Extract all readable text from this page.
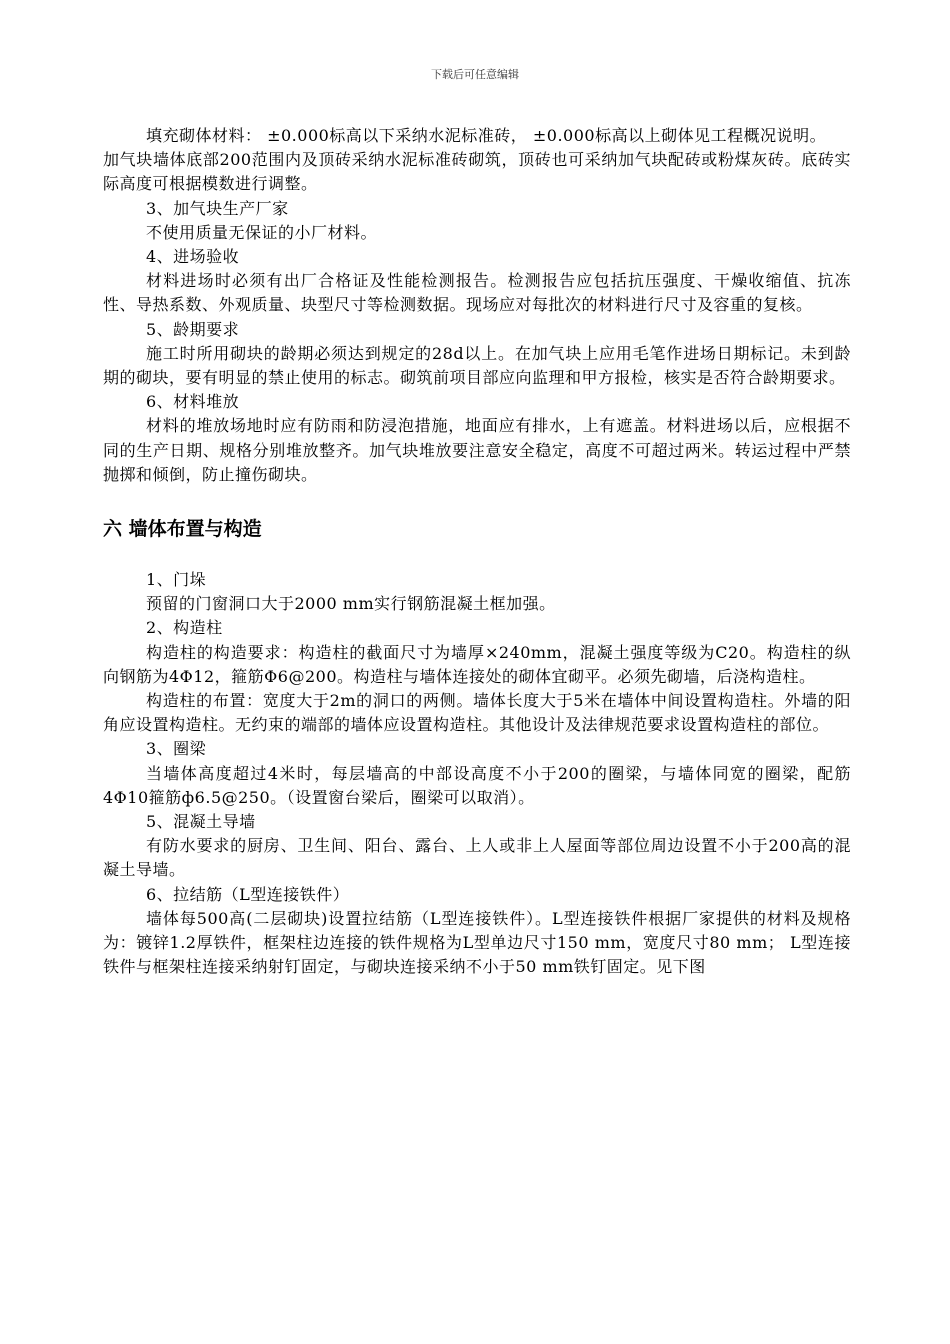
下载后可任意编辑

填充砌体材料： ±0.000标高以下采纳水泥标准砖， ±0.000标高以上砌体见工程概况说明。

加气块墙体底部200范围内及顶砖采纳水泥标准砖砌筑，顶砖也可采纳加气块配砖或粉煤灰砖。底砖实际高度可根据模数进行调整。

3、加气块生产厂家

不使用质量无保证的小厂材料。

4、进场验收

材料进场时必须有出厂合格证及性能检测报告。检测报告应包括抗压强度、干燥收缩值、抗冻性、导热系数、外观质量、块型尺寸等检测数据。现场应对每批次的材料进行尺寸及容重的复核。

5、龄期要求

施工时所用砌块的龄期必须达到规定的28d以上。在加气块上应用毛笔作进场日期标记。未到龄期的砌块，要有明显的禁止使用的标志。砌筑前项目部应向监理和甲方报检，核实是否符合龄期要求。

6、材料堆放

材料的堆放场地时应有防雨和防浸泡措施，地面应有排水，上有遮盖。材料进场以后，应根据不同的生产日期、规格分别堆放整齐。加气块堆放要注意安全稳定，高度不可超过两米。转运过程中严禁抛掷和倾倒，防止撞伤砌块。

六 墙体布置与构造

1、门垛

预留的门窗洞口大于2000 mm实行钢筋混凝土框加强。

2、构造柱

构造柱的构造要求：构造柱的截面尺寸为墙厚×240mm，混凝土强度等级为C20。构造柱的纵向钢筋为4Φ12，箍筋Φ6@200。构造柱与墙体连接处的砌体宜砌平。必须先砌墙，后浇构造柱。

构造柱的布置：宽度大于2m的洞口的两侧。墙体长度大于5米在墙体中间设置构造柱。外墙的阳角应设置构造柱。无约束的端部的墙体应设置构造柱。其他设计及法律规范要求设置构造柱的部位。

3、圈梁

当墙体高度超过4米时，每层墙高的中部设高度不小于200的圈梁，与墙体同宽的圈梁，配筋4Φ10箍筋ф6.5@250。（设置窗台梁后，圈梁可以取消）。

5、混凝土导墙

有防水要求的厨房、卫生间、阳台、露台、上人或非上人屋面等部位周边设置不小于200高的混凝土导墙。

6、拉结筋（L型连接铁件）

墙体每500高(二层砌块)设置拉结筋（L型连接铁件）。L型连接铁件根据厂家提供的材料及规格为：镀锌1.2厚铁件，框架柱边连接的铁件规格为L型单边尺寸150 mm，宽度尺寸80 mm； L型连接铁件与框架柱连接采纳射钉固定，与砌块连接采纳不小于50 mm铁钉固定。见下图
